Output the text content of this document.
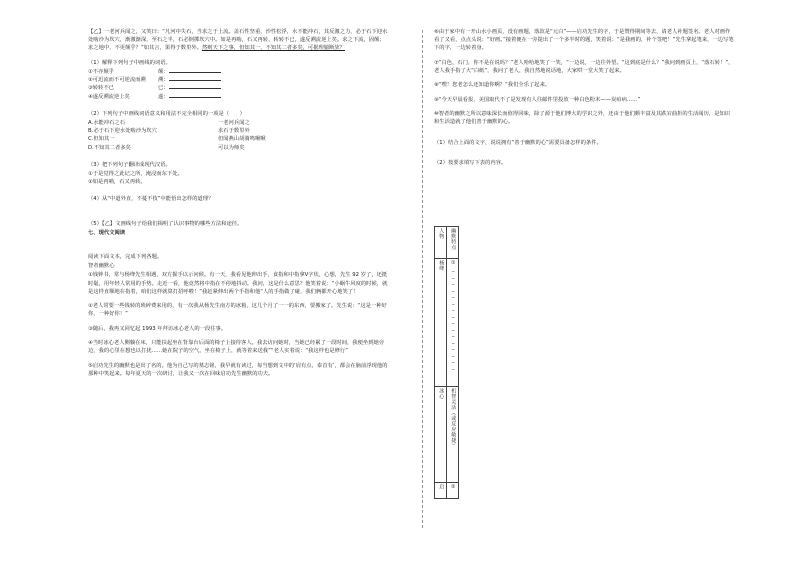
【乙】一老河兵闻之，又笑曰：“凡河中失石，当求之于上流。盖石性坚重，沙性松浮，水不能冲石，其反激之力，必于石下迎水处啮沙为坎穴，渐激渐深，至石之半，石必倒掷坎穴中。如是再啮，石又再转，转转不已，遂反溯流逆上矣。求之下流，固颠；求之地中，不更颠乎？”如其言，果得于数里外。然则天下之事，但知其一，不知其二者多矣，可据理臆断欤？

（1）解释下列句子中画线的词语。

①不亦颠乎	颠：
②可迅流而不可逆流而溯	溯：
③转转不已	已：
④遂反溯流逆上矣	遂：

（2）下列句子中画线词语意义和用法不完全相同的一项是（　　）

A.水能冲石之石	一老河兵闻之
B.必于石下迎水处啮沙为坎穴	求石于数里外
C.但知其一	但闻燕山胡骑鸣啾啾
D.不知其二者多矣	可以为师矣

（3）把下列句子翻译成现代汉语。

①于是觉得之此记之所，淹浸而东下处。
②如是再啮，石又再转。

（4）从“中道外直，不蔓不枝”中能悟出怎样的道理？

（5）【乙】文画线句子给我们揭明了认识事物的哪些方法和途径。

七、现代文阅读

阅读下面文本，完成下列各题。

智者幽默心

①钱钟书，常与杨绛先生相遇，双方握手以示问候。有一天，我看见他伸出手，食指和中指拿V字状，心想，先生 92 岁了，还挺时髦，用年轻人常用的手势。走近一看，他竟然将中指在不停地抖动。我问，这是什么意思？他笑着说：“小蜗牛风度的时候，就是这样直顺地在指着，咱们这样就算打招呼啦！”我赶紧伸出两个手指和他“人的手指做了碰，我们俩都开心地笑了！

②老人常要一些钱转的琐碎费来用的，有一次我从杨先生南方的冰箱，这几个月了一一的东西，要搬家了。先生说：“这是一种好你，一种好你！”

③随后，我再又回忆起 1993 年拜访冰心老人的一段往事。

④当时冰心老人侧躺在床，只能扶起坐在背靠台后面的椅子上接待客人。我去访问她时，当她已经累了一段时间，我便坐到她旁边，我的心里在想也以打扰……她在院子的空气，坐在椅子上，就等着来送我”“老人实着说：“我这样也是修行”

⑤启功先生的幽默也是出了名的。他为自己写的墓志铭，我早就有读过，每当想到文中的‘肩有点，泰首有’，都会在脑前浮现他的那种中笑起来。每年夏天的一次研讨，让我又一次在回味启功先生幽默的功夫。

⑥由于家中有一开山水小画页，没有画题，落款是“元白”——启功先生的字，于是赞得期间等去，请老人补题签名。老人对画作看了又看，点点头说：“好画。”接着便在一旁提出了一个多半时的题，笑着说：“是我画的，补个签吧！”先生拿起笔来，一边写笔下的字，一边转着身。

⑦“白色，石门，你不是在说吗？”老人哈哈地笑了一笑，“一边说，一边往外望。“这到底是什么？”我问到画页上，“落石转！”，老人我手指了大“白纸”，我问了老人，我自然地说话地，大家哄一堂大笑了起来。

⑧“嘿！您老怎么还知道你啊？”我们全乐了起来。

⑨“今天早晨看报，美国取代不了是发现有人往邮件里投放一种白色粉末——炭疽病……”

⑩智者的幽默之所以意味深长而值得回味，除了源于他们博大的学识之外，还由于他们颇丰富及其跌宕曲折的生活阅历，是知识和生活造就了他们善于幽默的心。

（1）结合上面的文字，说说拥有“善于幽默的心”需要具备怎样的条件。

（2）按要求填写下表的内容。

人物	幽默特点

杨绛	①________________

冰心	机智灵活（或反应敏捷）

启	②
